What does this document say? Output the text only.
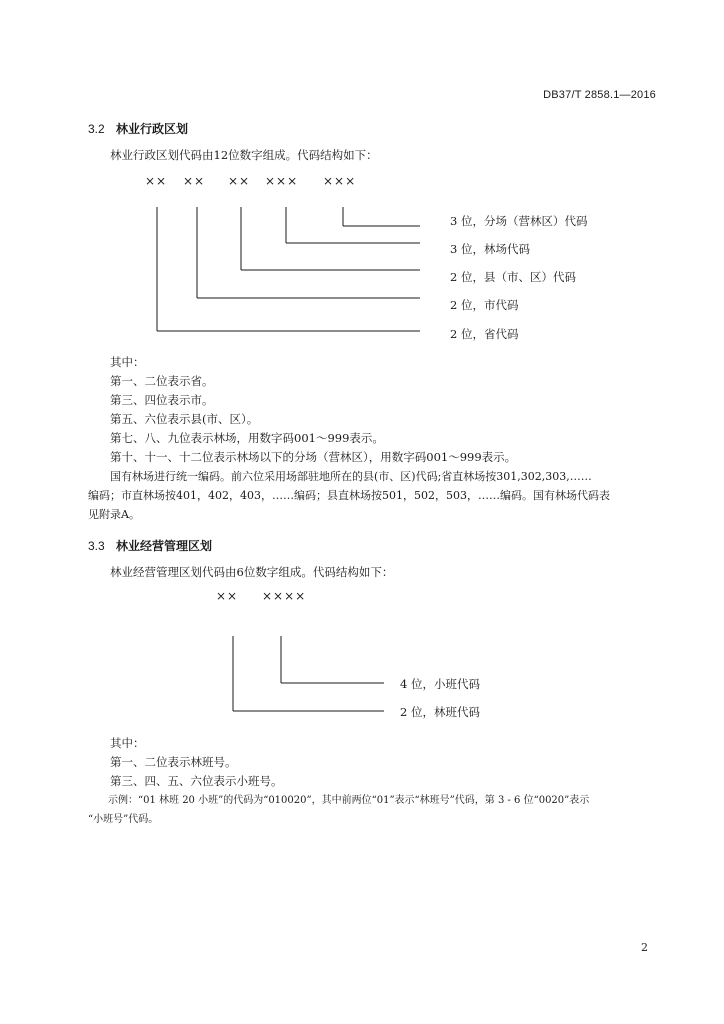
DB37/T 2858.1—2016
3.2 林业行政区划
林业行政区划代码由12位数字组成。代码结构如下：
×× ×× ×× ××× ×××
3 位，分场（营林区）代码
3 位，林场代码
2 位，县（市、区）代码
2 位，市代码
2 位，省代码
其中：
第一、二位表示省。
第三、四位表示市。
第五、六位表示县(市、区）。
第七、八、九位表示林场，用数字码001～999表示。
第十、十一、十二位表示林场以下的分场（营林区），用数字码001～999表示。
国有林场进行统一编码。前六位采用场部驻地所在的县(市、区)代码;省直林场按301,302,303,……
编码；市直林场按401，402，403，……编码；县直林场按501，502，503，……编码。国有林场代码表
见附录A。
3.3 林业经营管理区划
林业经营管理区划代码由6位数字组成。代码结构如下：
×× ××××
4 位，小班代码
2 位，林班代码
其中：
第一、二位表示林班号。
第三、四、五、六位表示小班号。
示例：“01 林班 20 小班”的代码为“010020”，其中前两位“01”表示“林班号”代码，第 3 - 6 位“0020”表示
“小班号”代码。
2
